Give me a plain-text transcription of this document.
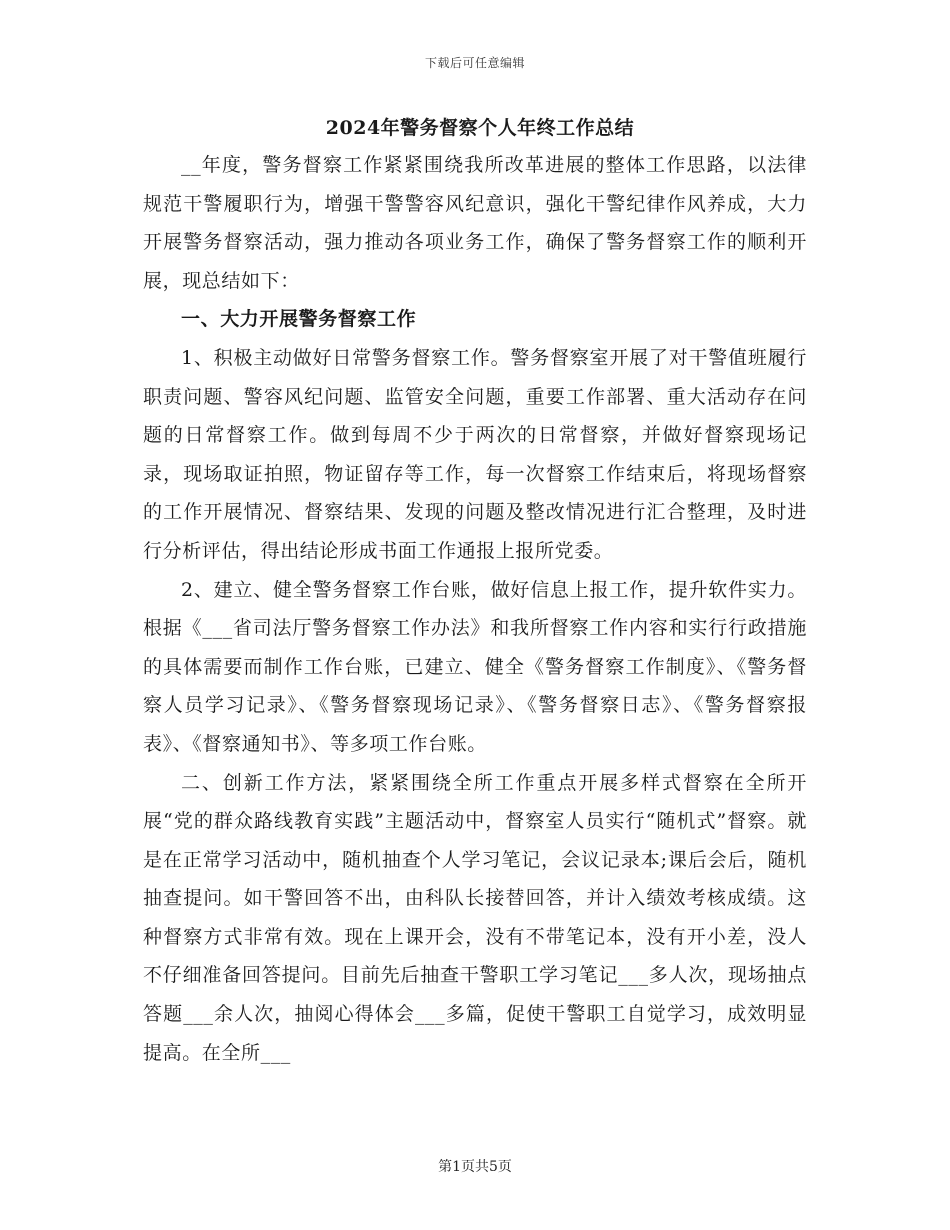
下载后可任意编辑
2024年警务督察个人年终工作总结

__年度，警务督察工作紧紧围绕我所改革进展的整体工作思路，以法律规范干警履职行为，增强干警警容风纪意识，强化干警纪律作风养成，大力开展警务督察活动，强力推动各项业务工作，确保了警务督察工作的顺利开展，现总结如下：

一、大力开展警务督察工作

1、积极主动做好日常警务督察工作。警务督察室开展了对干警值班履行职责问题、警容风纪问题、监管安全问题，重要工作部署、重大活动存在问题的日常督察工作。做到每周不少于两次的日常督察，并做好督察现场记录，现场取证拍照，物证留存等工作，每一次督察工作结束后，将现场督察的工作开展情况、督察结果、发现的问题及整改情况进行汇合整理，及时进行分析评估，得出结论形成书面工作通报上报所党委。

2、建立、健全警务督察工作台账，做好信息上报工作，提升软件实力。根据《___省司法厅警务督察工作办法》和我所督察工作内容和实行行政措施的具体需要而制作工作台账，已建立、健全《警务督察工作制度》、《警务督察人员学习记录》、《警务督察现场记录》、《警务督察日志》、《警务督察报表》、《督察通知书》、等多项工作台账。

二、创新工作方法，紧紧围绕全所工作重点开展多样式督察在全所开展“党的群众路线教育实践”主题活动中，督察室人员实行“随机式”督察。就是在正常学习活动中，随机抽查个人学习笔记，会议记录本;课后会后，随机抽查提问。如干警回答不出，由科队长接替回答，并计入绩效考核成绩。这种督察方式非常有效。现在上课开会，没有不带笔记本，没有开小差，没人不仔细准备回答提问。目前先后抽查干警职工学习笔记___多人次，现场抽点答题___余人次，抽阅心得体会___多篇，促使干警职工自觉学习，成效明显提高。在全所___

第1页共5页
